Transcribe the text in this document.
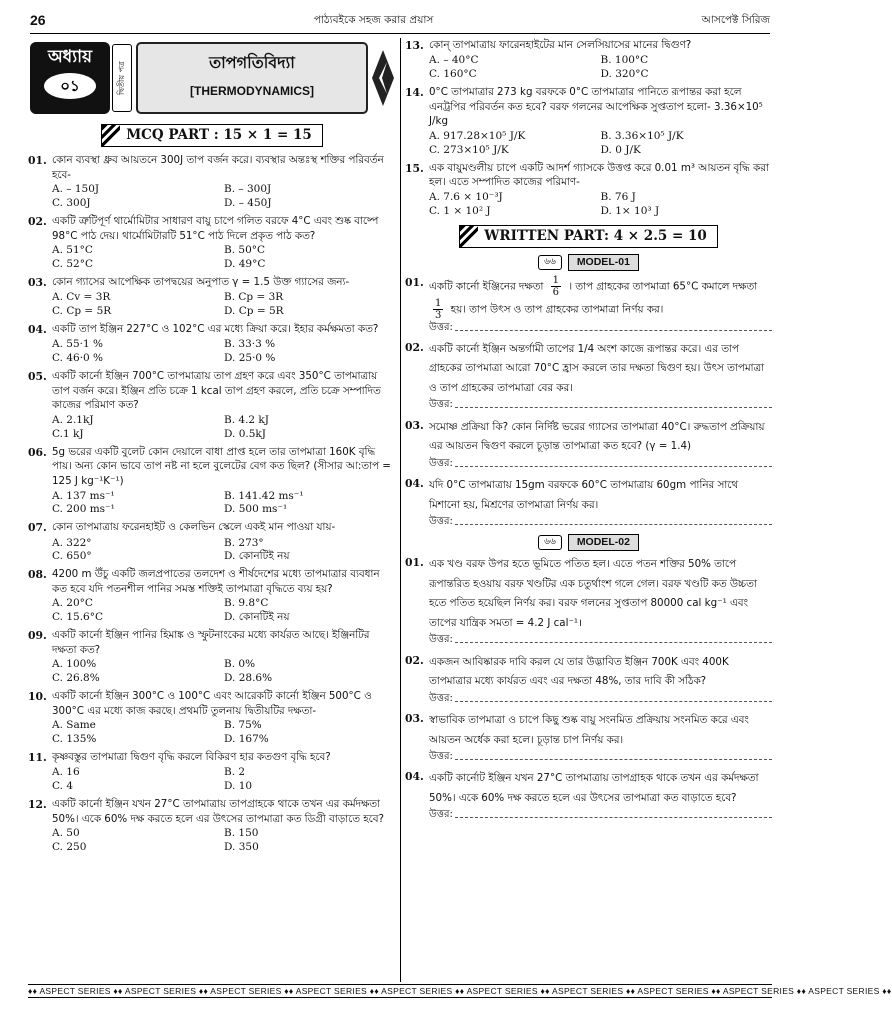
26	পাঠ্যবইকে সহজ করার প্রয়াস	আসপেক্ট সিরিজ
অধ্যায়
০১	দ্বিতীয় পত্র	তাপগতিবিদ্যা
[THERMODYNAMICS]
MCQ PART : 15 × 1 = 15
01. কোন ব্যবস্থা ধ্রুব আয়তনে 300J তাপ বর্জন করে। ব্যবস্থার অন্তঃস্থ শক্তির পরিবর্তন হবে-
A. – 150J	B. – 300J
C. 300J	D. – 450J
02. একটি ত্রুটিপূর্ণ থার্মোমিটার সাধারণ বায়ু চাপে গলিত বরফে 4°C এবং শুষ্ক বাষ্পে 98°C পাঠ দেয়। থার্মোমিটারটি 51°C পাঠ দিলে প্রকৃত পাঠ কত?
A. 51°C	B. 50°C
C. 52°C	D. 49°C
03. কোন গ্যাসের আপেক্ষিক তাপদ্বয়ের অনুপাত γ = 1.5 উক্ত গ্যাসের জন্য-
A. Cv = 3R	B. Cp = 3R
C. Cp = 5R	D. Cp = 5R
04. একটি তাপ ইঞ্জিন 227°C ও 102°C এর মধ্যে ক্রিয়া করে। ইহার কর্মক্ষমতা কত?
A. 55·1 %	B. 33·3 %
C. 46·0 %	D. 25·0 %
05. একটি কার্নো ইঞ্জিন 700°C তাপমাত্রায় তাপ গ্রহণ করে এবং 350°C তাপমাত্রায় তাপ বর্জন করে। ইঞ্জিন প্রতি চক্রে 1 kcal তাপ গ্রহণ করলে, প্রতি চক্রে সম্পাদিত কাজের পরিমাণ কত?
A. 2.1kJ	B. 4.2 kJ
C.1 kJ	D. 0.5kJ
06. 5g ভরের একটি বুলেট কোন দেয়ালে বাধা প্রাপ্ত হলে তার তাপমাত্রা 160K বৃদ্ধি পায়। অন্য কোন ভাবে তাপ নষ্ট না হলে বুলেটের বেগ কত ছিল? (সীসার আ:তাপ = 125 J kg⁻¹K⁻¹)
A. 137 ms⁻¹	B. 141.42 ms⁻¹
C. 200 ms⁻¹	D. 500 ms⁻¹
07. কোন তাপমাত্রায় ফরেনহাইট ও কেলভিন স্কেলে একই মান পাওয়া যায়-
A. 322°	B. 273°
C. 650°	D. কোনটিই নয়
08. 4200 m উঁচু একটি জলপ্রপাতের তলদেশ ও শীর্ষদেশের মধ্যে তাপমাত্রার ব্যবধান কত হবে যদি পতনশীল পানির সমস্ত শক্তিই তাপমাত্রা বৃদ্ধিতে ব্যয় হয়?
A. 20°C	B. 9.8°C
C. 15.6°C	D. কোনটিই নয়
09. একটি কার্নো ইঞ্জিন পানির হিমাঙ্ক ও স্ফুটনাংকের মধ্যে কার্যরত আছে। ইঞ্জিনটির দক্ষতা কত?
A. 100%	B. 0%
C. 26.8%	D. 28.6%
10. একটি কার্নো ইঞ্জিন 300°C ও 100°C এবং আরেকটি কার্নো ইঞ্জিন 500°C ও 300°C এর মধ্যে কাজ করছে। প্রথমটি তুলনায় দ্বিতীয়টির দক্ষতা-
A. Same	B. 75%
C. 135%	D. 167%
11. কৃষ্ণবস্তুর তাপমাত্রা দ্বিগুণ বৃদ্ধি করলে বিকিরণ হার কতগুণ বৃদ্ধি হবে?
A. 16	B. 2
C. 4	D. 10
12. একটি কার্নো ইঞ্জিন যখন 27°C তাপমাত্রায় তাপগ্রাহকে থাকে তখন এর কর্মদক্ষতা 50%। একে 60% দক্ষ করতে হলে এর উৎসের তাপমাত্রা কত ডিগ্রী বাড়াতে হবে?
A. 50	B. 150
C. 250	D. 350
13. কোন্ তাপমাত্রায় ফারেনহাইটের মান সেলসিয়াসের মানের দ্বিগুণ?
A. – 40°C	B. 100°C
C. 160°C	D. 320°C
14. 0°C তাপমাত্রার 273 kg বরফকে 0°C তাপমাত্রার পানিতে রূপান্তর করা হলে এনট্রপির পরিবর্তন কত হবে? বরফ গলনের আপেক্ষিক সুপ্ততাপ হলো- 3.36×10⁵ J/kg
A. 917.28×10⁵ J/K	B. 3.36×10⁵ J/K
C. 273×10⁵ J/K	D. 0 J/K
15. এক বায়ুমণ্ডলীয় চাপে একটি আদর্শ গ্যাসকে উত্তপ্ত করে 0.01 m³ আয়তন বৃদ্ধি করা হল। এতে সম্পাদিত কাজের পরিমাণ-
A. 7.6 × 10⁻³J	B. 76 J
C. 1 × 10² J	D. 1× 10³ J
WRITTEN PART: 4 × 2.5 = 10
৬৬	MODEL-01
01. একটি কার্নো ইঞ্জিনের দক্ষতা $\frac{1}{6}$ । তাপ গ্রাহকের তাপমাত্রা 65°C কমালে দক্ষতা
$\frac{1}{3}$ হয়। তাপ উৎস ও তাপ গ্রাহকের তাপমাত্রা নির্ণয় কর।
উত্তর:
02. একটি কার্নো ইঞ্জিন অন্তর্গামী তাপের 1/4 অংশ কাজে রূপান্তর করে। এর তাপ গ্রাহকের তাপমাত্রা আরো 70°C হ্রাস করলে তার দক্ষতা দ্বিগুণ হয়। উৎস তাপমাত্রা ও তাপ গ্রাহকের তাপমাত্রা বের কর।
উত্তর:
03. সমোষ্ণ প্রক্রিয়া কি? কোন নির্দিষ্ট ভরের গ্যাসের তাপমাত্রা 40°C। রুদ্ধতাপ প্রক্রিয়ায় এর আয়তন দ্বিগুণ করলে চূড়ান্ত তাপমাত্রা কত হবে? (γ = 1.4)
উত্তর:
04. যদি 0°C তাপমাত্রায় 15gm বরফকে 60°C তাপমাত্রায় 60gm পানির সাথে মিশানো হয়, মিশ্রণের তাপমাত্রা নির্ণয় কর।
উত্তর:
৬৬	MODEL-02
01. এক খণ্ড বরফ উপর হতে ভূমিতে পতিত হল। এতে পতন শক্তির 50% তাপে রূপান্তরিত হওয়ায় বরফ খণ্ডটির এক চতুর্থাংশ গলে গেল। বরফ খণ্ডটি কত উচ্চতা হতে পতিত হয়েছিল নির্ণয় কর। বরফ গলনের সুপ্ততাপ 80000 cal kg⁻¹ এবং তাপের যান্ত্রিক সমতা = 4.2 J cal⁻¹।
উত্তর:
02. একজন আবিষ্কারক দাবি করল যে তার উদ্ভাবিত ইঞ্জিন 700K এবং 400K তাপমাত্রার মধ্যে কার্যরত এবং এর দক্ষতা 48%, তার দাবি কী সঠিক?
উত্তর:
03. স্বাভাবিক তাপমাত্রা ও চাপে কিছু শুষ্ক বায়ু সংনমিত প্রক্রিয়ায় সংনমিত করে এবং আয়তন অর্ধেক করা হলে। চূড়ান্ত চাপ নির্ণয় কর।
উত্তর:
04. একটি কার্নোট ইঞ্জিন যখন 27°C তাপমাত্রায় তাপগ্রাহক থাকে তখন এর কর্মদক্ষতা 50%। একে 60% দক্ষ করতে হলে এর উৎসের তাপমাত্রা কত বাড়াতে হবে?
উত্তর:
♦♦ ASPECT SERIES ♦♦ ASPECT SERIES ♦♦ ASPECT SERIES ♦♦ ASPECT SERIES ♦♦ ASPECT SERIES ♦♦ ASPECT SERIES ♦♦ ASPECT SERIES ♦♦ ASPECT SERIES ♦♦ ASPECT SERIES ♦♦ ASPECT SERIES ♦♦
